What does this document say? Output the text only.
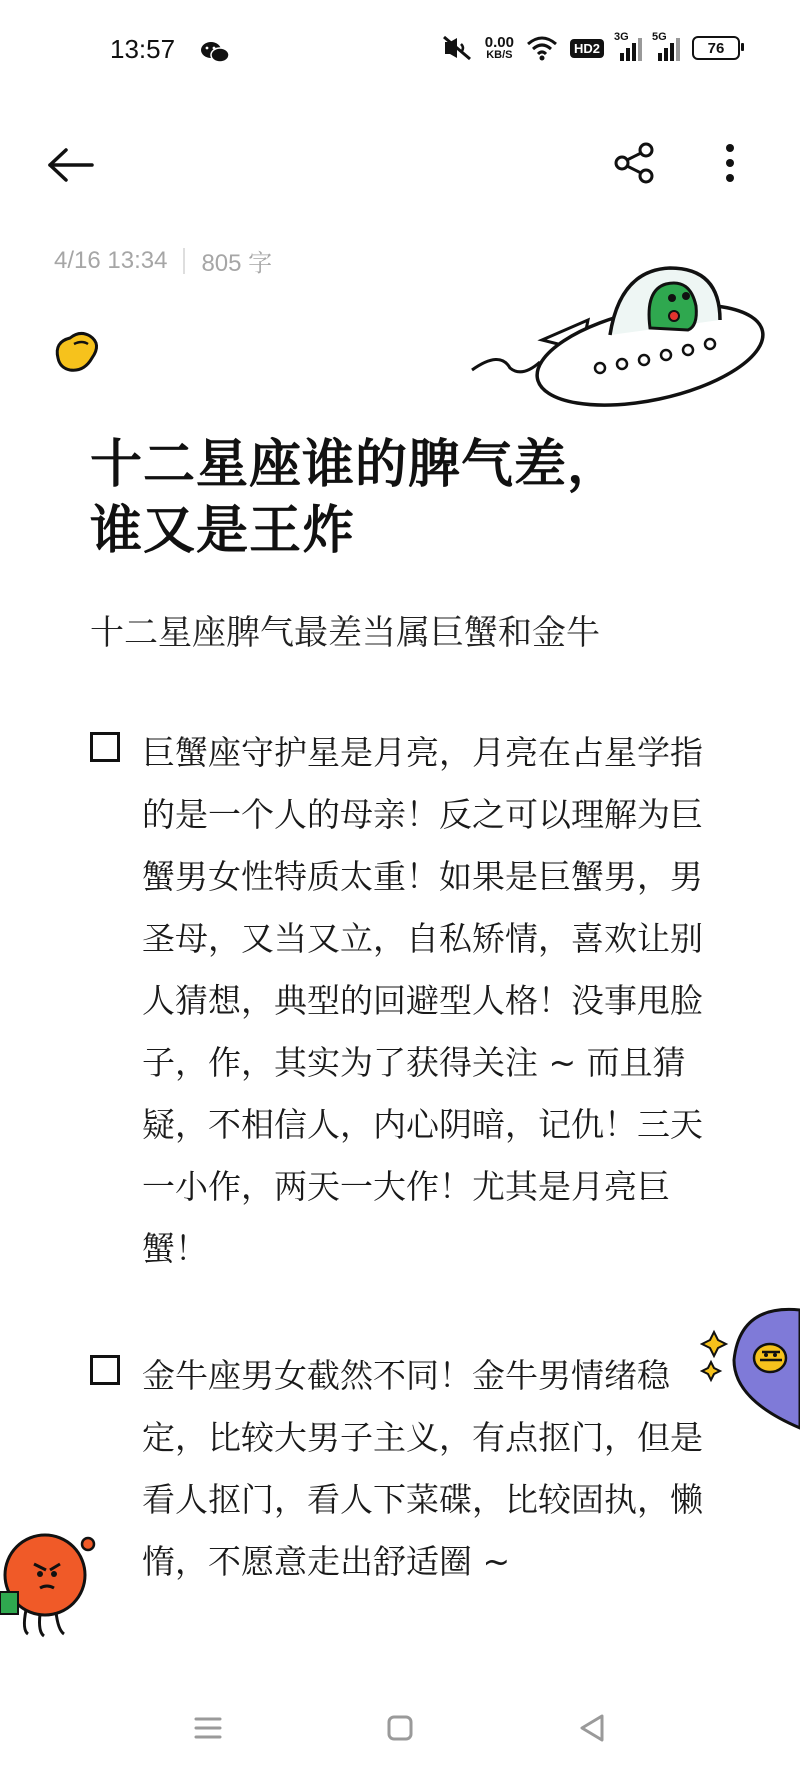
13:57	0.00
KB/S	HD2
3G 5G
76
4/16 13:34 805 字
十二星座谁的脾气差，
谁又是王炸
十二星座脾气最差当属巨蟹和金牛
巨蟹座守护星是月亮，月亮在占星学指的是一个人的母亲！反之可以理解为巨蟹男女性特质太重！如果是巨蟹男，男圣母，又当又立，自私矫情，喜欢让别人猜想，典型的回避型人格！没事甩脸子，作，其实为了获得关注 ~ 而且猜疑，不相信人，内心阴暗，记仇！三天一小作，两天一大作！尤其是月亮巨蟹！
金牛座男女截然不同！金牛男情绪稳定，比较大男子主义，有点抠门，但是看人抠门，看人下菜碟，比较固执，懒惰，不愿意走出舒适圈 ~
